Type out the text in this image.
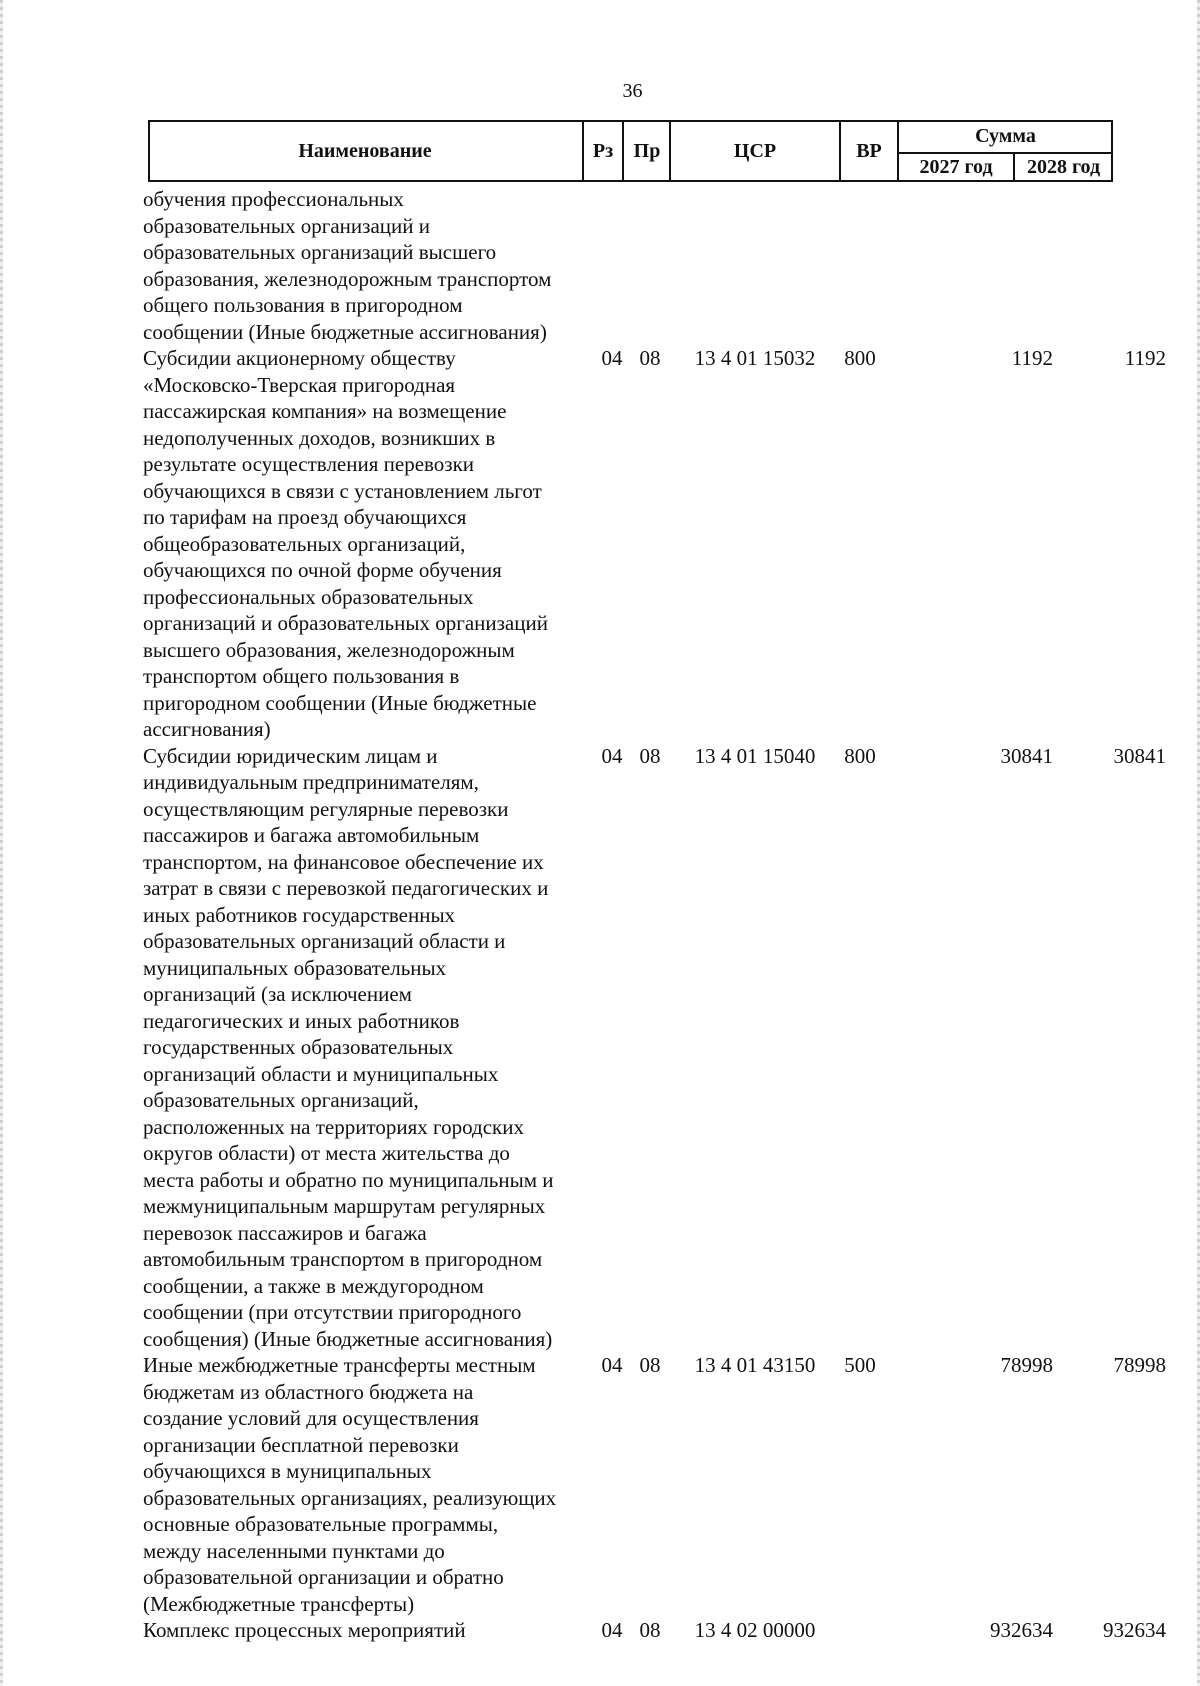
36
Наименование	Рз	Пр	ЦСР	ВР
Сумма
2027 год	2028 год
обучения профессиональных
образовательных организаций и
образовательных организаций высшего
образования, железнодорожным транспортом
общего пользования в пригородном
сообщении (Иные бюджетные ассигнования)
Субсидии акционерному обществу
«Московско-Тверская пригородная
пассажирская компания» на возмещение
недополученных доходов, возникших в
результате осуществления перевозки
обучающихся в связи с установлением льгот
по тарифам на проезд обучающихся
общеобразовательных организаций,
обучающихся по очной форме обучения
профессиональных образовательных
организаций и образовательных организаций
высшего образования, железнодорожным
транспортом общего пользования в
пригородном сообщении (Иные бюджетные
ассигнования)
04 08	13 4 01 15032	800	1192	1192
Субсидии юридическим лицам и
индивидуальным предпринимателям,
осуществляющим регулярные перевозки
пассажиров и багажа автомобильным
транспортом, на финансовое обеспечение их
затрат в связи с перевозкой педагогических и
иных работников государственных
образовательных организаций области и
муниципальных образовательных
организаций (за исключением
педагогических и иных работников
государственных образовательных
организаций области и муниципальных
образовательных организаций,
расположенных на территориях городских
округов области) от места жительства до
места работы и обратно по муниципальным и
межмуниципальным маршрутам регулярных
перевозок пассажиров и багажа
автомобильным транспортом в пригородном
сообщении, а также в междугородном
сообщении (при отсутствии пригородного
сообщения) (Иные бюджетные ассигнования)
04 08	13 4 01 15040	800	30841	30841
Иные межбюджетные трансферты местным
бюджетам из областного бюджета на
создание условий для осуществления
организации бесплатной перевозки
обучающихся в муниципальных
образовательных организациях, реализующих
основные образовательные программы,
между населенными пунктами до
образовательной организации и обратно
(Межбюджетные трансферты)
04 08	13 4 01 43150	500	78998	78998
Комплекс процессных мероприятий	04 08	13 4 02 00000	932634	932634
